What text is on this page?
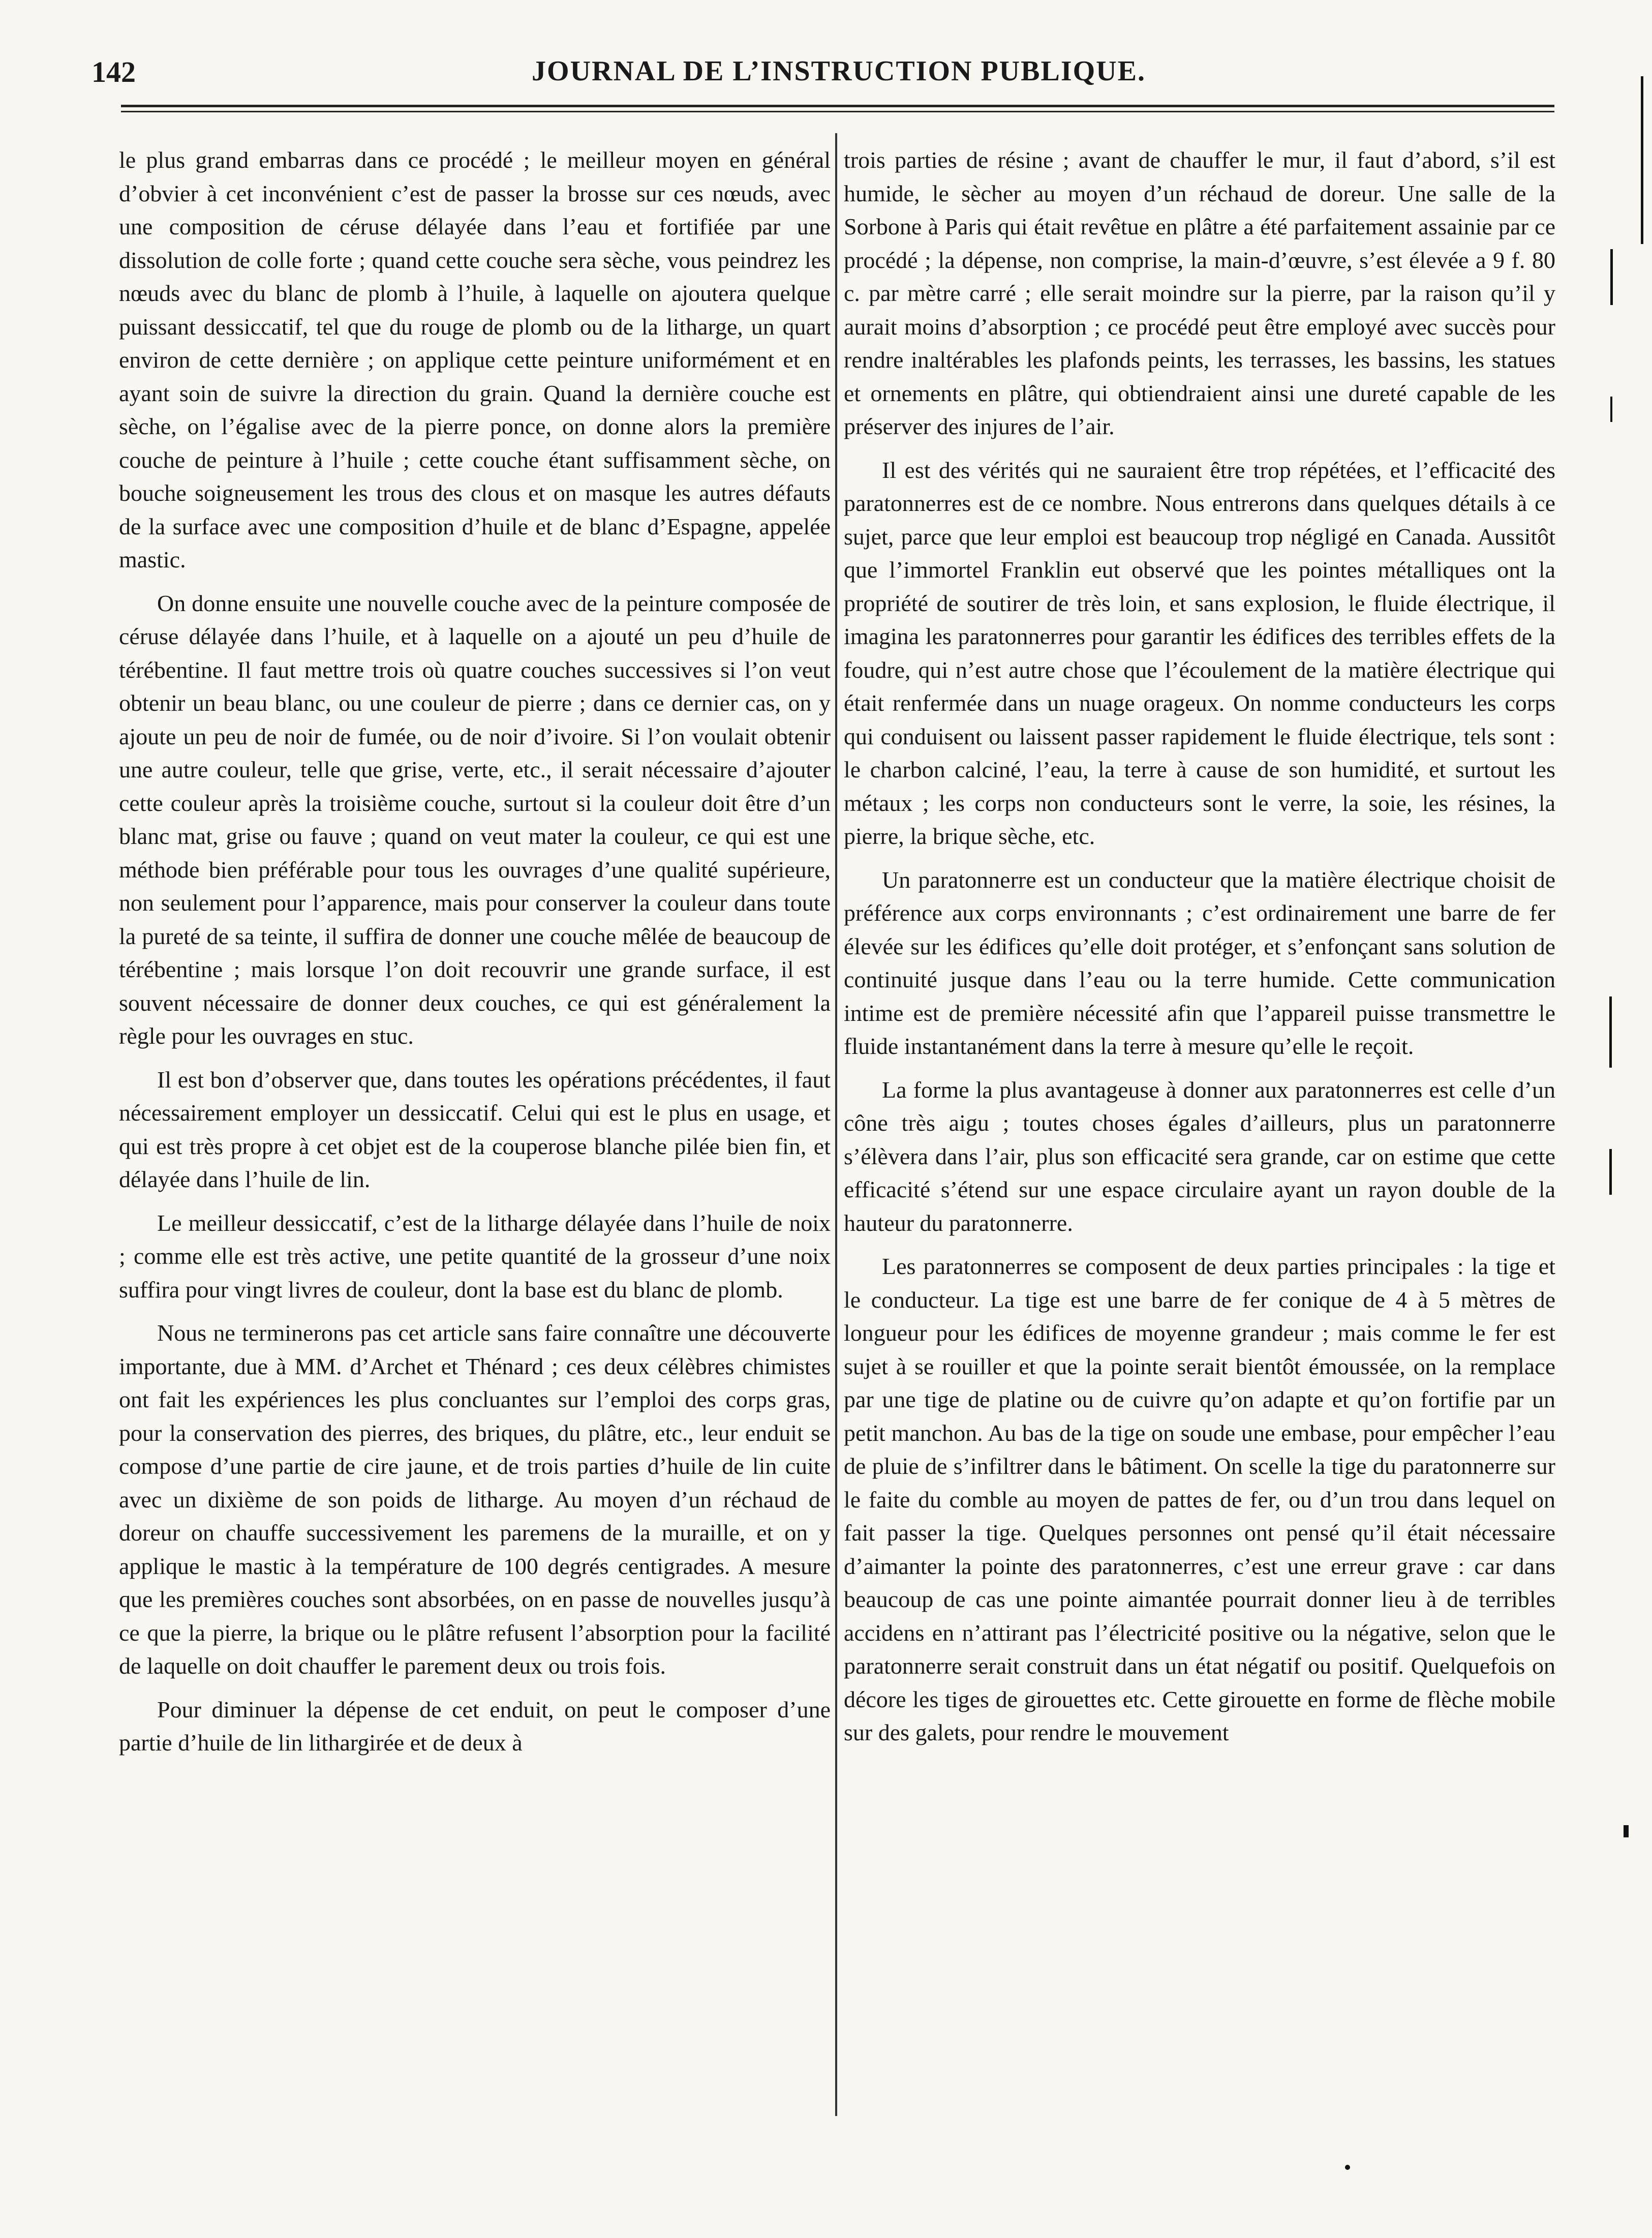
142	JOURNAL DE L’INSTRUCTION PUBLIQUE.

le plus grand embarras dans ce procédé ; le meilleur moyen en général d’obvier à cet inconvénient c’est de passer la brosse sur ces nœuds, avec une composition de céruse délayée dans l’eau et fortifiée par une dissolution de colle forte ; quand cette couche sera sèche, vous peindrez les nœuds avec du blanc de plomb à l’huile, à laquelle on ajoutera quelque puissant dessiccatif, tel que du rouge de plomb ou de la litharge, un quart environ de cette dernière ; on applique cette peinture uniformément et en ayant soin de suivre la direction du grain. Quand la dernière couche est sèche, on l’égalise avec de la pierre ponce, on donne alors la première couche de peinture à l’huile ; cette couche étant suffisamment sèche, on bouche soigneusement les trous des clous et on masque les autres défauts de la surface avec une composition d’huile et de blanc d’Espagne, appelée mastic.

On donne ensuite une nouvelle couche avec de la peinture composée de céruse délayée dans l’huile, et à laquelle on a ajouté un peu d’huile de térébentine. Il faut mettre trois où quatre couches successives si l’on veut obtenir un beau blanc, ou une couleur de pierre ; dans ce dernier cas, on y ajoute un peu de noir de fumée, ou de noir d’ivoire. Si l’on voulait obtenir une autre couleur, telle que grise, verte, etc., il serait nécessaire d’ajouter cette couleur après la troisième couche, surtout si la couleur doit être d’un blanc mat, grise ou fauve ; quand on veut mater la couleur, ce qui est une méthode bien préférable pour tous les ouvrages d’une qualité supérieure, non seulement pour l’apparence, mais pour conserver la couleur dans toute la pureté de sa teinte, il suffira de donner une couche mêlée de beaucoup de térébentine ; mais lorsque l’on doit recouvrir une grande surface, il est souvent nécessaire de donner deux couches, ce qui est généralement la règle pour les ouvrages en stuc.

Il est bon d’observer que, dans toutes les opérations précédentes, il faut nécessairement employer un dessiccatif. Celui qui est le plus en usage, et qui est très propre à cet objet est de la couperose blanche pilée bien fin, et délayée dans l’huile de lin.

Le meilleur dessiccatif, c’est de la litharge délayée dans l’huile de noix ; comme elle est très active, une petite quantité de la grosseur d’une noix suffira pour vingt livres de couleur, dont la base est du blanc de plomb.

Nous ne terminerons pas cet article sans faire connaître une découverte importante, due à MM. d’Archet et Thénard ; ces deux célèbres chimistes ont fait les expériences les plus concluantes sur l’emploi des corps gras, pour la conservation des pierres, des briques, du plâtre, etc., leur enduit se compose d’une partie de cire jaune, et de trois parties d’huile de lin cuite avec un dixième de son poids de litharge. Au moyen d’un réchaud de doreur on chauffe successivement les paremens de la muraille, et on y applique le mastic à la température de 100 degrés centigrades. A mesure que les premières couches sont absorbées, on en passe de nouvelles jusqu’à ce que la pierre, la brique ou le plâtre refusent l’absorption pour la facilité de laquelle on doit chauffer le parement deux ou trois fois.

Pour diminuer la dépense de cet enduit, on peut le composer d’une partie d’huile de lin lithargirée et de deux à

trois parties de résine ; avant de chauffer le mur, il faut d’abord, s’il est humide, le sècher au moyen d’un réchaud de doreur. Une salle de la Sorbone à Paris qui était revêtue en plâtre a été parfaitement assainie par ce procédé ; la dépense, non comprise, la main-d’œuvre, s’est élevée a 9 f. 80 c. par mètre carré ; elle serait moindre sur la pierre, par la raison qu’il y aurait moins d’absorption ; ce procédé peut être employé avec succès pour rendre inaltérables les plafonds peints, les terrasses, les bassins, les statues et ornements en plâtre, qui obtiendraient ainsi une dureté capable de les préserver des injures de l’air.

Il est des vérités qui ne sauraient être trop répétées, et l’efficacité des paratonnerres est de ce nombre. Nous entrerons dans quelques détails à ce sujet, parce que leur emploi est beaucoup trop négligé en Canada. Aussitôt que l’immortel Franklin eut observé que les pointes métalliques ont la propriété de soutirer de très loin, et sans explosion, le fluide électrique, il imagina les paratonnerres pour garantir les édifices des terribles effets de la foudre, qui n’est autre chose que l’écoulement de la matière électrique qui était renfermée dans un nuage orageux. On nomme conducteurs les corps qui conduisent ou laissent passer rapidement le fluide électrique, tels sont : le charbon calciné, l’eau, la terre à cause de son humidité, et surtout les métaux ; les corps non conducteurs sont le verre, la soie, les résines, la pierre, la brique sèche, etc.

Un paratonnerre est un conducteur que la matière électrique choisit de préférence aux corps environnants ; c’est ordinairement une barre de fer élevée sur les édifices qu’elle doit protéger, et s’enfonçant sans solution de continuité jusque dans l’eau ou la terre humide. Cette communication intime est de première nécessité afin que l’appareil puisse transmettre le fluide instantanément dans la terre à mesure qu’elle le reçoit.

La forme la plus avantageuse à donner aux paratonnerres est celle d’un cône très aigu ; toutes choses égales d’ailleurs, plus un paratonnerre s’élèvera dans l’air, plus son efficacité sera grande, car on estime que cette efficacité s’étend sur une espace circulaire ayant un rayon double de la hauteur du paratonnerre.

Les paratonnerres se composent de deux parties principales : la tige et le conducteur. La tige est une barre de fer conique de 4 à 5 mètres de longueur pour les édifices de moyenne grandeur ; mais comme le fer est sujet à se rouiller et que la pointe serait bientôt émoussée, on la remplace par une tige de platine ou de cuivre qu’on adapte et qu’on fortifie par un petit manchon. Au bas de la tige on soude une embase, pour empêcher l’eau de pluie de s’infiltrer dans le bâtiment. On scelle la tige du paratonnerre sur le faite du comble au moyen de pattes de fer, ou d’un trou dans lequel on fait passer la tige. Quelques personnes ont pensé qu’il était nécessaire d’aimanter la pointe des paratonnerres, c’est une erreur grave : car dans beaucoup de cas une pointe aimantée pourrait donner lieu à de terribles accidens en n’attirant pas l’électricité positive ou la négative, selon que le paratonnerre serait construit dans un état négatif ou positif. Quelquefois on décore les tiges de girouettes etc. Cette girouette en forme de flèche mobile sur des galets, pour rendre le mouvement
